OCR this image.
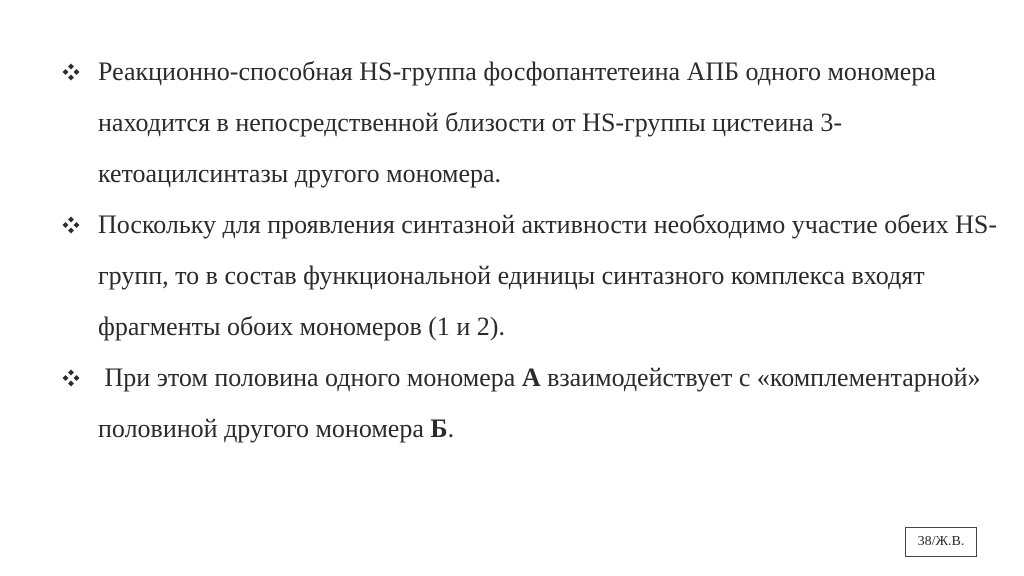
Реакционно-способная HS-группа фосфопантетеина АПБ одного мономера находится в непосредственной близости от HS-группы цистеина 3-кетоацилсинтазы другого мономера.
Поскольку для проявления синтазной активности необходимо участие обеих HS-групп, то в состав функциональной единицы синтазного комплекса входят фрагменты обоих мономеров (1 и 2).
При этом половина одного мономера А взаимодействует с «комплементарной» половиной другого мономера Б.
38/Ж.В.
